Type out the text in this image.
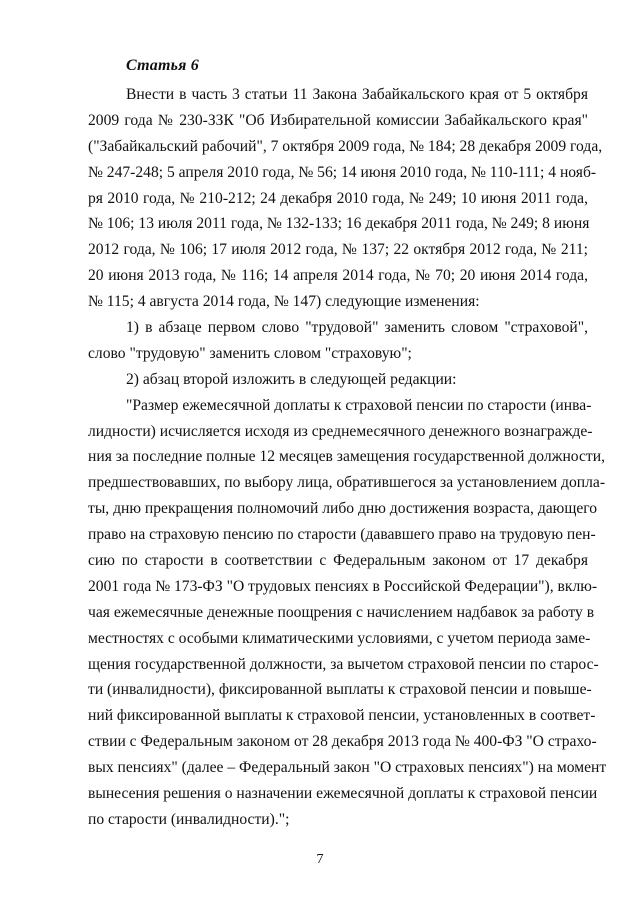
Статья 6
Внести в часть 3 статьи 11 Закона Забайкальского края от 5 октября
2009 года № 230-ЗЗК "Об Избирательной комиссии Забайкальского края"
("Забайкальский рабочий", 7 октября 2009 года, № 184; 28 декабря 2009 года,
№ 247-248; 5 апреля 2010 года, № 56; 14 июня 2010 года, № 110-111; 4 нояб-
ря 2010 года, № 210-212; 24 декабря 2010 года, № 249; 10 июня 2011 года,
№ 106; 13 июля 2011 года, № 132-133; 16 декабря 2011 года, № 249; 8 июня
2012 года, № 106; 17 июля 2012 года, № 137; 22 октября 2012 года, № 211;
20 июня 2013 года, № 116; 14 апреля 2014 года, № 70; 20 июня 2014 года,
№ 115; 4 августа 2014 года, № 147) следующие изменения:
1) в абзаце первом слово "трудовой" заменить словом "страховой",
слово "трудовую" заменить словом "страховую";
2) абзац второй изложить в следующей редакции:
"Размер ежемесячной доплаты к страховой пенсии по старости (инва-
лидности) исчисляется исходя из среднемесячного денежного вознагражде-
ния за последние полные 12 месяцев замещения государственной должности,
предшествовавших, по выбору лица, обратившегося за установлением допла-
ты, дню прекращения полномочий либо дню достижения возраста, дающего
право на страховую пенсию по старости (дававшего право на трудовую пен-
сию по старости в соответствии с Федеральным законом от 17 декабря
2001 года № 173-ФЗ "О трудовых пенсиях в Российской Федерации"), вклю-
чая ежемесячные денежные поощрения с начислением надбавок за работу в
местностях с особыми климатическими условиями, с учетом периода заме-
щения государственной должности, за вычетом страховой пенсии по старос-
ти (инвалидности), фиксированной выплаты к страховой пенсии и повыше-
ний фиксированной выплаты к страховой пенсии, установленных в соответ-
ствии с Федеральным законом от 28 декабря 2013 года № 400-ФЗ "О страхо-
вых пенсиях" (далее – Федеральный закон "О страховых пенсиях") на момент
вынесения решения о назначении ежемесячной доплаты к страховой пенсии
по старости (инвалидности).";
7
